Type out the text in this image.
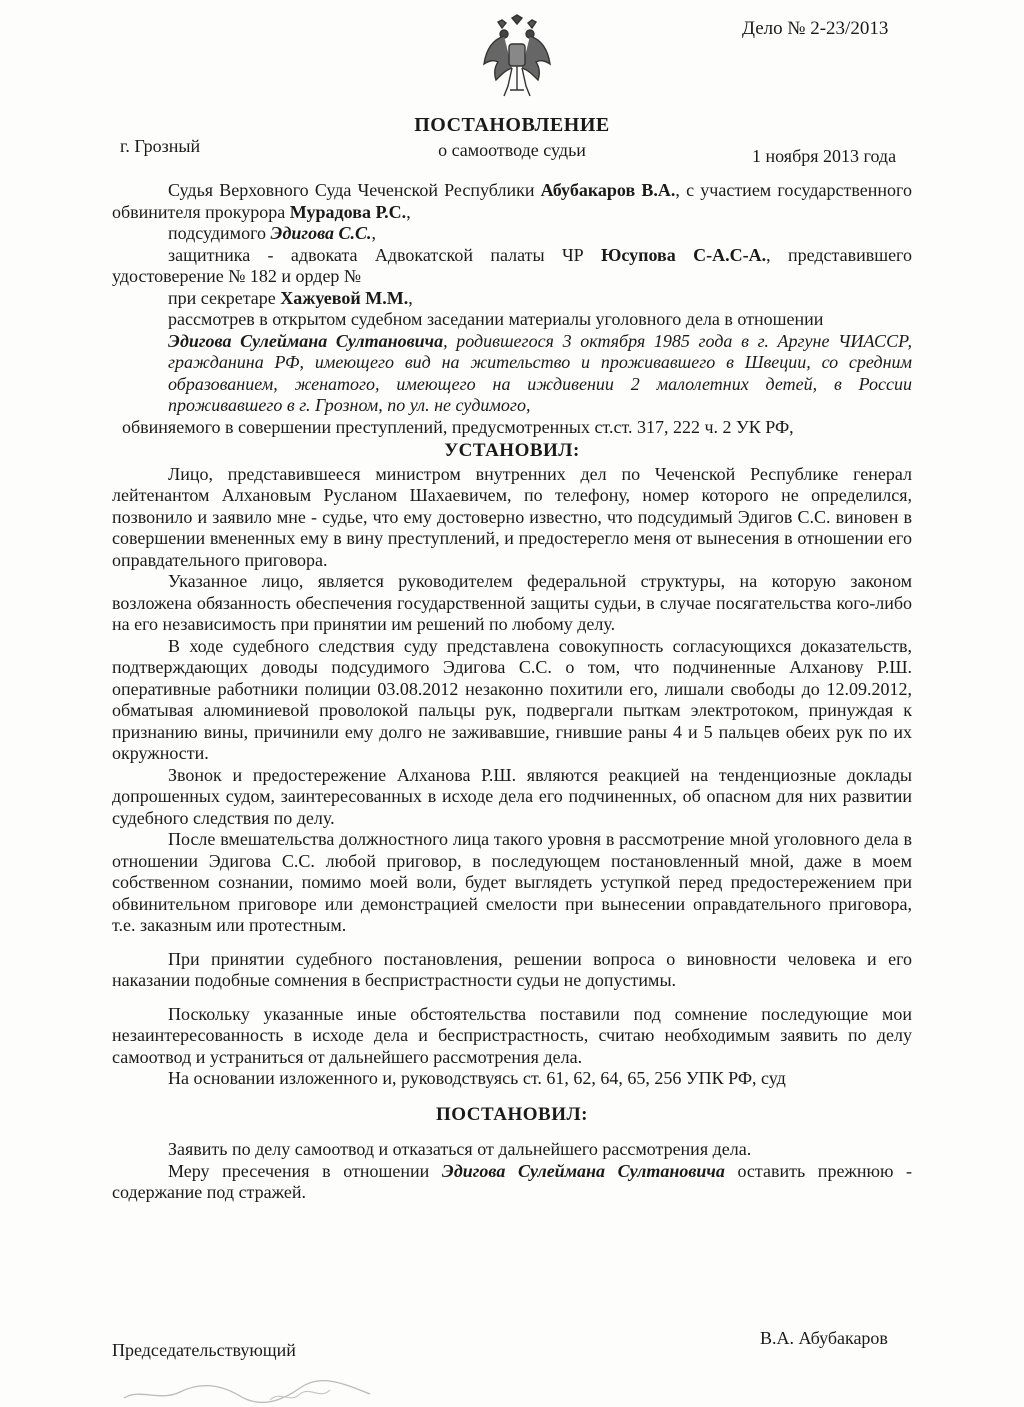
Дело № 2-23/2013
ПОСТАНОВЛЕНИЕ
о самоотводе судьи
г. Грозный	1 ноября 2013 года

Судья Верховного Суда Чеченской Республики Абубакаров В.А., с участием государственного обвинителя прокурора Мурадова Р.С.,

подсудимого Эдигова С.С.,

защитника - адвоката Адвокатской палаты ЧР Юсупова С-А.С-А., представившего удостоверение № 182 и ордер №

при секретаре Хажуевой М.М.,

рассмотрев в открытом судебном заседании материалы уголовного дела в отношении

Эдигова Сулеймана Султановича, родившегося 3 октября 1985 года в г. Аргуне ЧИАССР, гражданина РФ, имеющего вид на жительство и проживавшего в Швеции, со средним образованием, женатого, имеющего на иждивении 2 малолетних детей, в России проживавшего в г. Грозном, по ул. не судимого,

обвиняемого в совершении преступлений, предусмотренных ст.ст. 317, 222 ч. 2 УК РФ,

УСТАНОВИЛ:

Лицо, представившееся министром внутренних дел по Чеченской Республике генерал лейтенантом Алхановым Русланом Шахаевичем, по телефону, номер которого не определился, позвонило и заявило мне - судье, что ему достоверно известно, что подсудимый Эдигов С.С. виновен в совершении вмененных ему в вину преступлений, и предостерегло меня от вынесения в отношении его оправдательного приговора.

Указанное лицо, является руководителем федеральной структуры, на которую законом возложена обязанность обеспечения государственной защиты судьи, в случае посягательства кого-либо на его независимость при принятии им решений по любому делу.

В ходе судебного следствия суду представлена совокупность согласующихся доказательств, подтверждающих доводы подсудимого Эдигова С.С. о том, что подчиненные Алханову Р.Ш. оперативные работники полиции 03.08.2012 незаконно похитили его, лишали свободы до 12.09.2012, обматывая алюминиевой проволокой пальцы рук, подвергали пыткам электротоком, принуждая к признанию вины, причинили ему долго не заживавшие, гнившие раны 4 и 5 пальцев обеих рук по их окружности.

Звонок и предостережение Алханова Р.Ш. являются реакцией на тенденциозные доклады допрошенных судом, заинтересованных в исходе дела его подчиненных, об опасном для них развитии судебного следствия по делу.

После вмешательства должностного лица такого уровня в рассмотрение мной уголовного дела в отношении Эдигова С.С. любой приговор, в последующем постановленный мной, даже в моем собственном сознании, помимо моей воли, будет выглядеть уступкой перед предостережением при обвинительном приговоре или демонстрацией смелости при вынесении оправдательного приговора, т.е. заказным или протестным.

При принятии судебного постановления, решении вопроса о виновности человека и его наказании подобные сомнения в беспристрастности судьи не допустимы.

Поскольку указанные иные обстоятельства поставили под сомнение последующие мои незаинтересованность в исходе дела и беспристрастность, считаю необходимым заявить по делу самоотвод и устраниться от дальнейшего рассмотрения дела.

На основании изложенного и, руководствуясь ст. 61, 62, 64, 65, 256 УПК РФ, суд

ПОСТАНОВИЛ:

Заявить по делу самоотвод и отказаться от дальнейшего рассмотрения дела.

Меру пресечения в отношении Эдигова Сулеймана Султановича оставить прежнюю - содержание под стражей.

Председательствующий
В.А. Абубакаров
